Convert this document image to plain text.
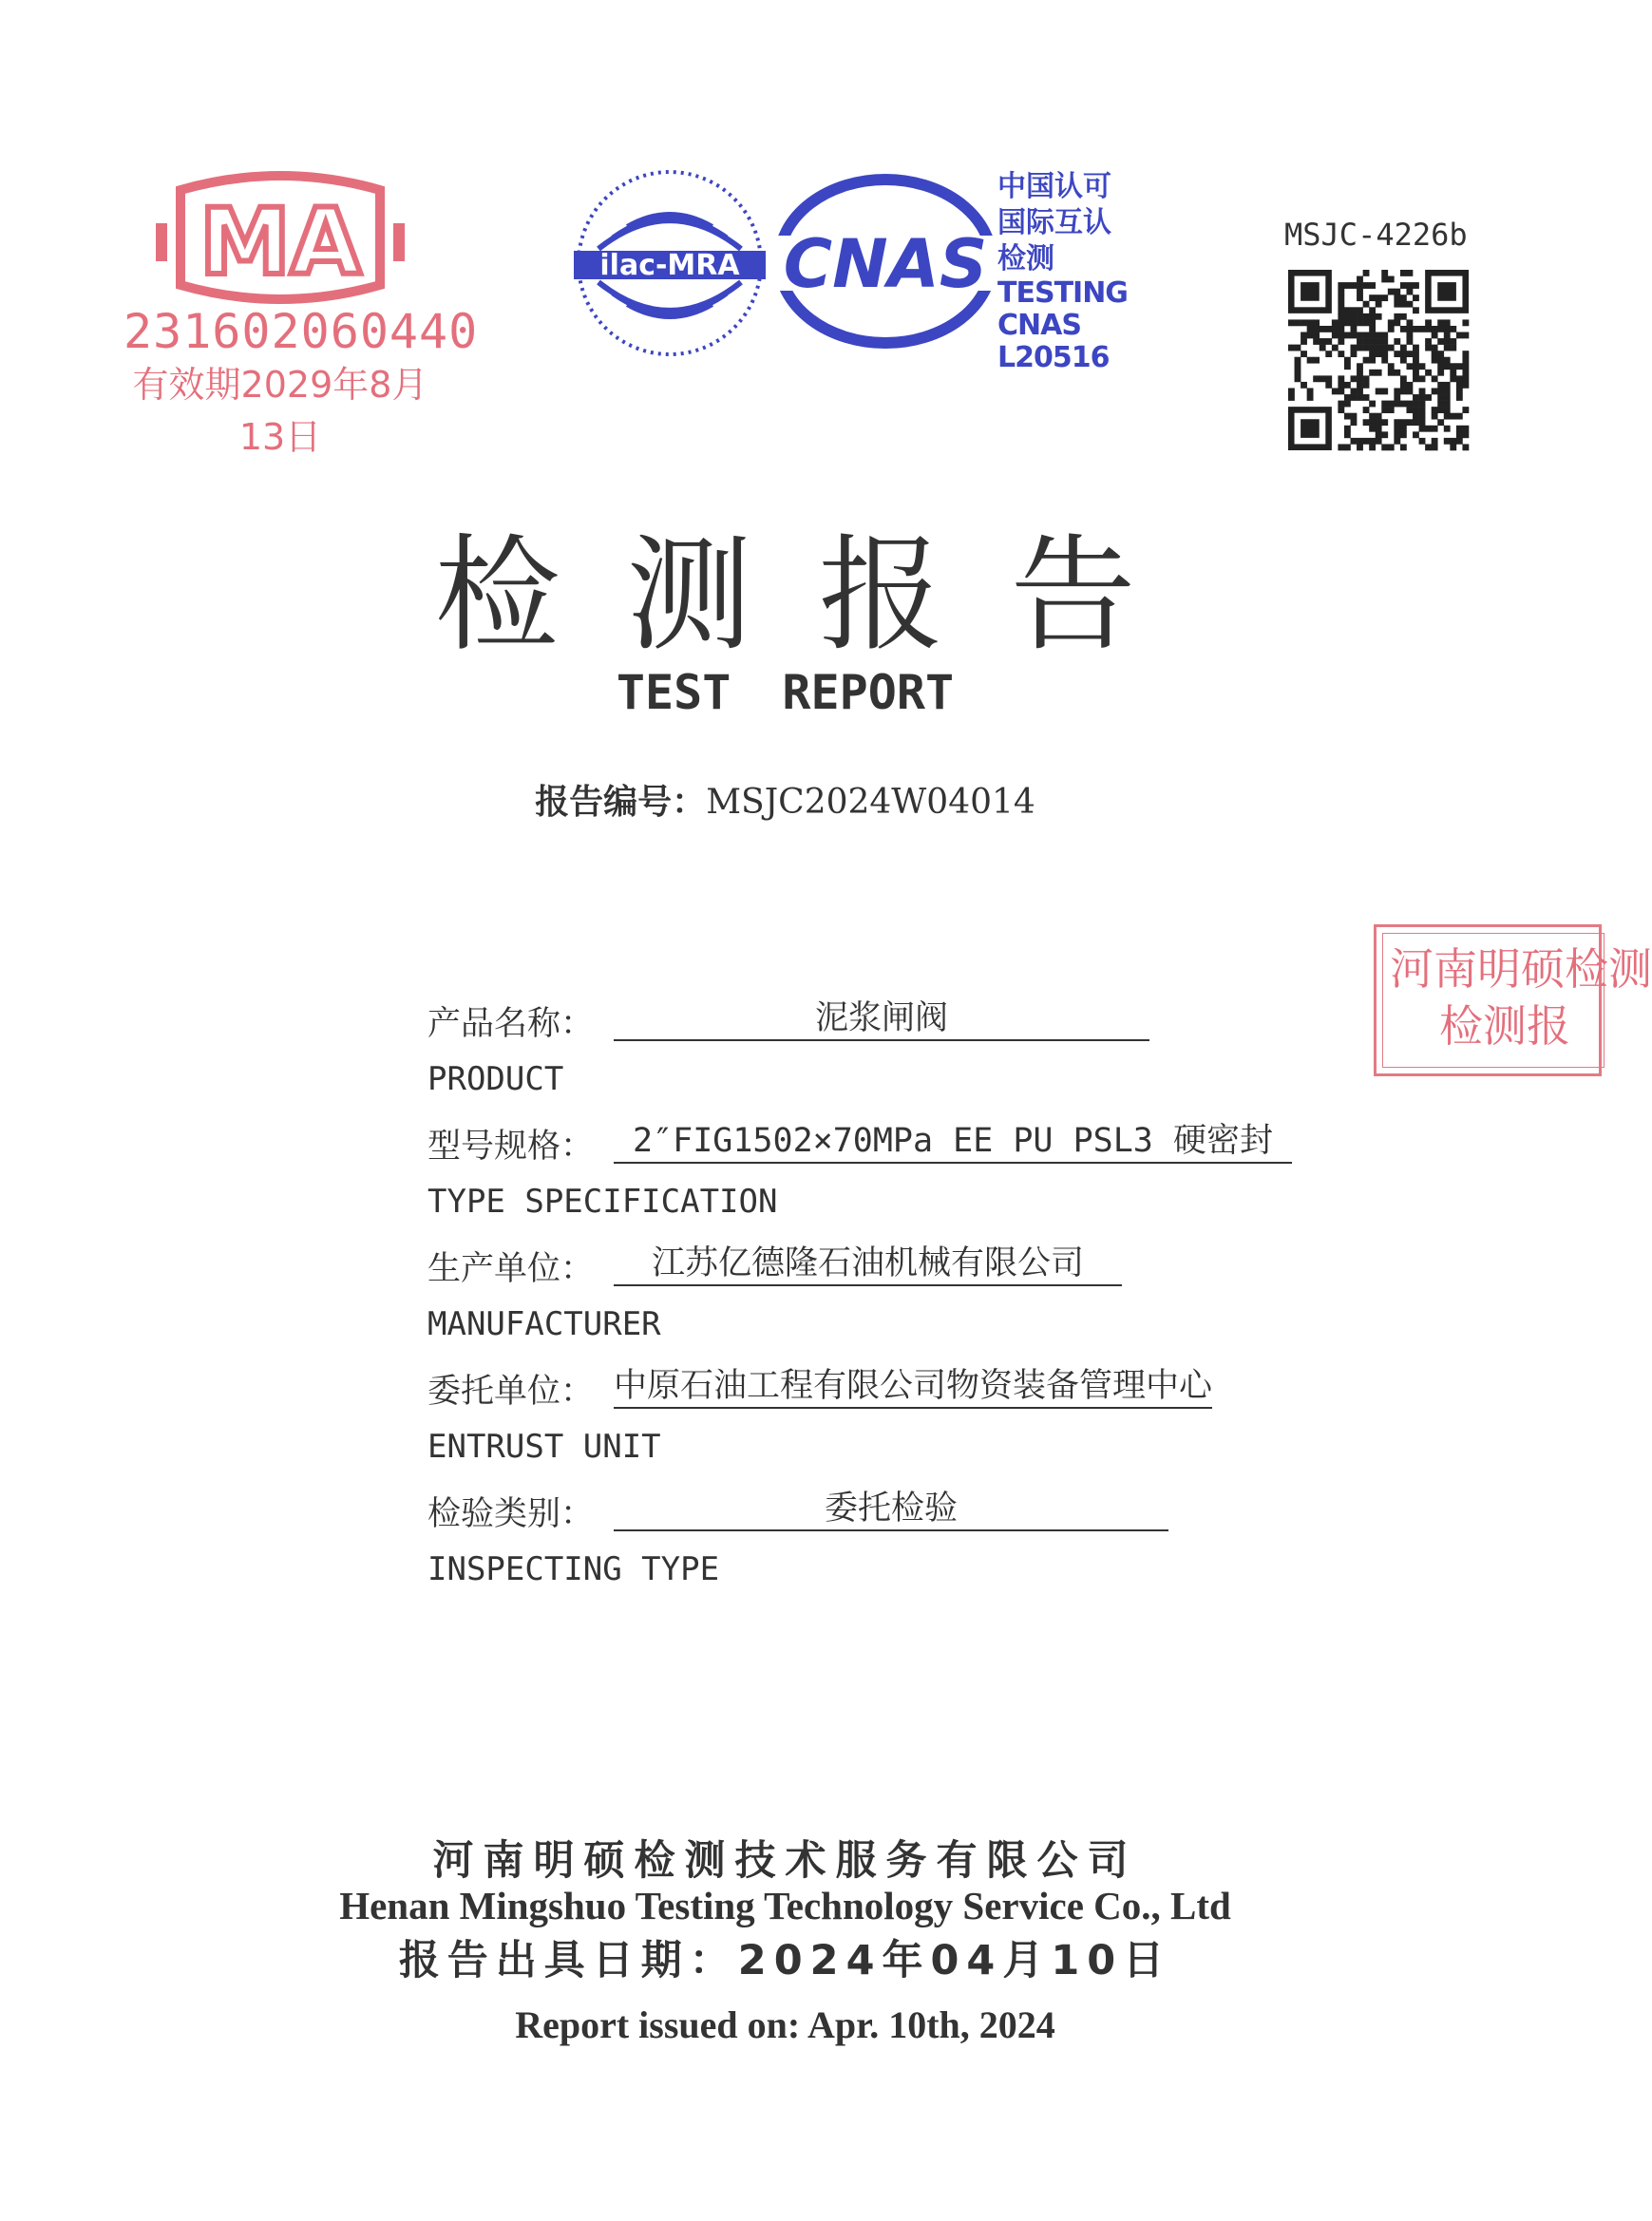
MA
231602060440
有效期2029年8月13日
ilac-MRA CNAS
中国认可
国际互认
检测
TESTING
CNAS L20516
MSJC-4226b
检测报告
TEST REPORT
报告编号：MSJC2024W04014
河南明硕检测
检测报
产品名称：	泥浆闸阀
PRODUCT
型号规格：	2″FIG1502×70MPa EE PU PSL3 硬密封
TYPE SPECIFICATION
生产单位：	江苏亿德隆石油机械有限公司
MANUFACTURER
委托单位： 中原石油工程有限公司物资装备管理中心
ENTRUST UNIT
检验类别：	委托检验
INSPECTING TYPE
河南明硕检测技术服务有限公司
Henan Mingshuo Testing Technology Service Co., Ltd
报告出具日期：2024年04月10日
Report issued on: Apr. 10th, 2024
